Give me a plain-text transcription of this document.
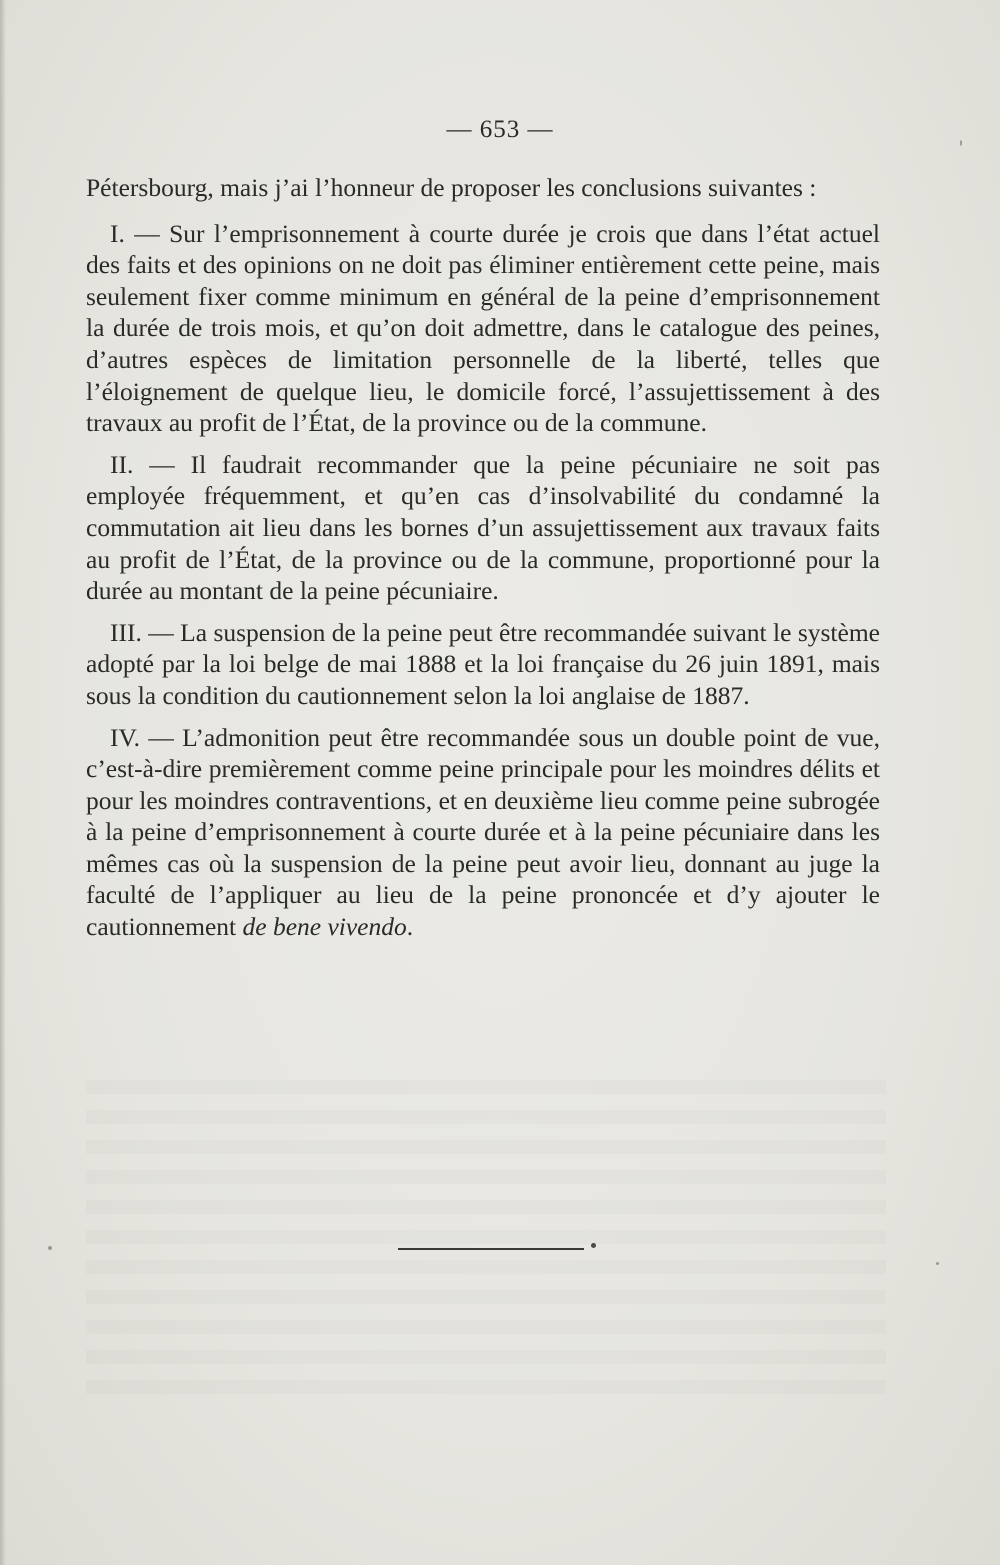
— 653 —

Pétersbourg, mais j’ai l’honneur de proposer les conclusions suivantes :

I. — Sur l’emprisonnement à courte durée je crois que dans l’état actuel des faits et des opinions on ne doit pas éliminer entièrement cette peine, mais seulement fixer comme minimum en général de la peine d’emprisonnement la durée de trois mois, et qu’on doit admettre, dans le catalogue des peines, d’autres espèces de limitation personnelle de la liberté, telles que l’éloignement de quelque lieu, le domicile forcé, l’assujettissement à des travaux au profit de l’État, de la province ou de la commune.

II. — Il faudrait recommander que la peine pécuniaire ne soit pas employée fréquemment, et qu’en cas d’insolvabilité du condamné la commutation ait lieu dans les bornes d’un assujettissement aux travaux faits au profit de l’État, de la province ou de la commune, proportionné pour la durée au montant de la peine pécuniaire.

III. — La suspension de la peine peut être recommandée suivant le système adopté par la loi belge de mai 1888 et la loi française du 26 juin 1891, mais sous la condition du cautionnement selon la loi anglaise de 1887.

IV. — L’admonition peut être recommandée sous un double point de vue, c’est-à-dire premièrement comme peine principale pour les moindres délits et pour les moindres contraventions, et en deuxième lieu comme peine subrogée à la peine d’emprisonnement à courte durée et à la peine pécuniaire dans les mêmes cas où la suspension de la peine peut avoir lieu, donnant au juge la faculté de l’appliquer au lieu de la peine prononcée et d’y ajouter le cautionnement de bene vivendo.
